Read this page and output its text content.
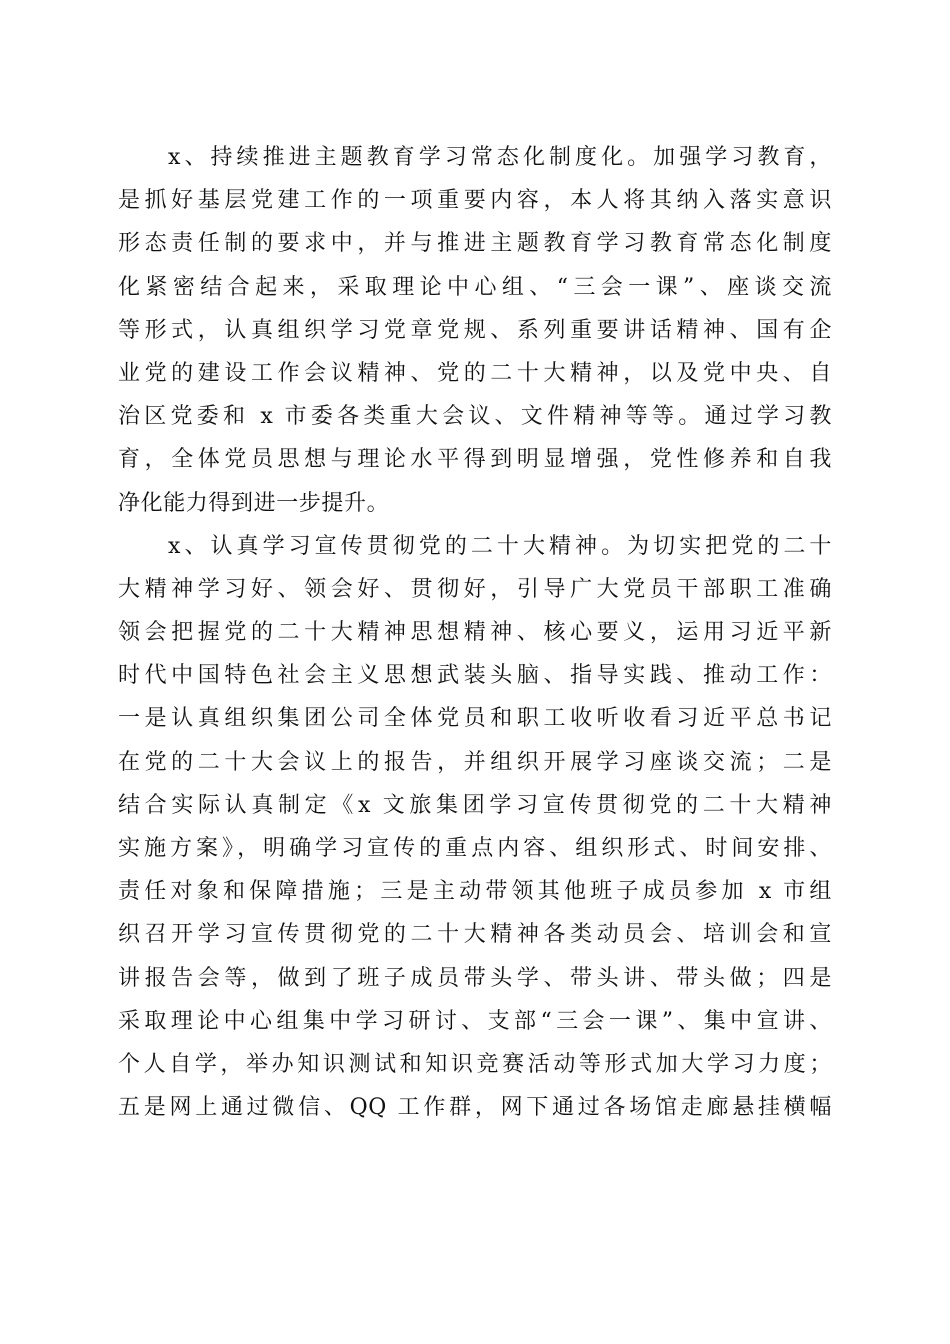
x、持续推进主题教育学习常态化制度化。加强学习教育，
是抓好基层党建工作的一项重要内容，本人将其纳入落实意识
形态责任制的要求中，并与推进主题教育学习教育常态化制度
化紧密结合起来，采取理论中心组、“三会一课”、座谈交流
等形式，认真组织学习党章党规、系列重要讲话精神、国有企
业党的建设工作会议精神、党的二十大精神，以及党中央、自
治区党委和 x 市委各类重大会议、文件精神等等。通过学习教
育，全体党员思想与理论水平得到明显增强，党性修养和自我
净化能力得到进一步提升。
x、认真学习宣传贯彻党的二十大精神。为切实把党的二十
大精神学习好、领会好、贯彻好，引导广大党员干部职工准确
领会把握党的二十大精神思想精神、核心要义，运用习近平新
时代中国特色社会主义思想武装头脑、指导实践、推动工作：
一是认真组织集团公司全体党员和职工收听收看习近平总书记
在党的二十大会议上的报告，并组织开展学习座谈交流；二是
结合实际认真制定《x 文旅集团学习宣传贯彻党的二十大精神
实施方案》，明确学习宣传的重点内容、组织形式、时间安排、
责任对象和保障措施；三是主动带领其他班子成员参加 x 市组
织召开学习宣传贯彻党的二十大精神各类动员会、培训会和宣
讲报告会等，做到了班子成员带头学、带头讲、带头做；四是
采取理论中心组集中学习研讨、支部“三会一课”、集中宣讲、
个人自学，举办知识测试和知识竞赛活动等形式加大学习力度；
五是网上通过微信、QQ 工作群，网下通过各场馆走廊悬挂横幅
